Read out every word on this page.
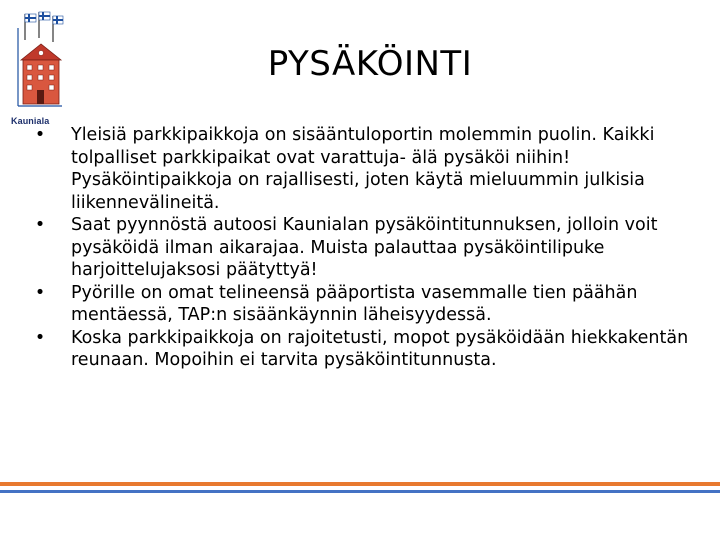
Kauniala
PYSÄKÖINTI
• Yleisiä parkkipaikkoja on sisääntuloportin molemmin puolin. Kaikki tolpalliset parkkipaikat ovat varattuja- älä pysäköi niihin! Pysäköintipaikkoja on rajallisesti, joten käytä mieluummin julkisia liikennevälineitä.
• Saat pyynnöstä autoosi Kaunialan pysäköintitunnuksen, jolloin voit pysäköidä ilman aikarajaa. Muista palauttaa pysäköintilipuke harjoittelujaksosi päätyttyä!
• Pyörille on omat telineensä pääportista vasemmalle tien päähän mentäessä, TAP:n sisäänkäynnin läheisyydessä.
• Koska parkkipaikkoja on rajoitetusti, mopot pysäköidään hiekkakentän reunaan. Mopoihin ei tarvita pysäköintitunnusta.
